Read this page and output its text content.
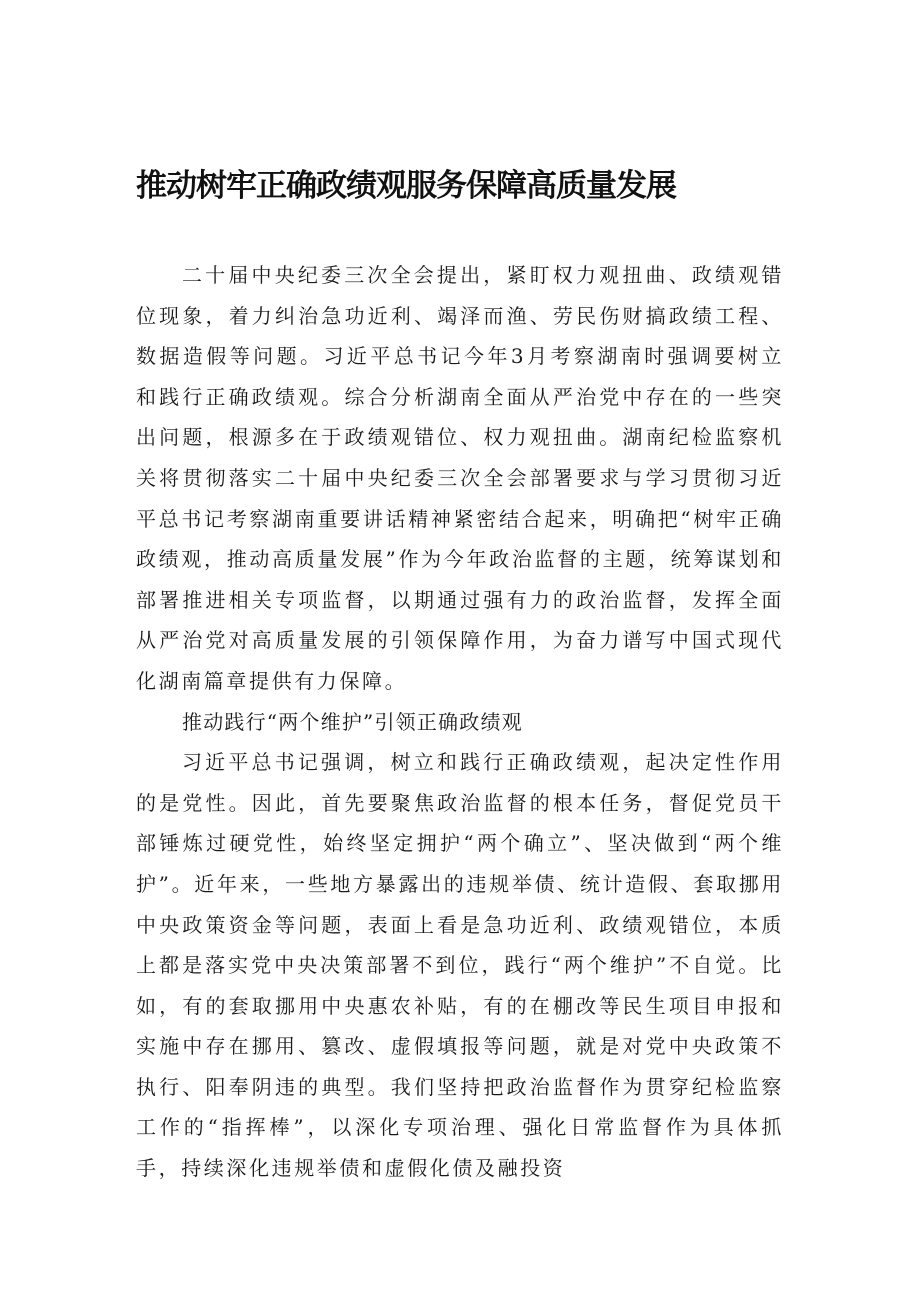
推动树牢正确政绩观服务保障高质量发展

二十届中央纪委三次全会提出，紧盯权力观扭曲、政绩观错位现象，着力纠治急功近利、竭泽而渔、劳民伤财搞政绩工程、数据造假等问题。习近平总书记今年3月考察湖南时强调要树立和践行正确政绩观。综合分析湖南全面从严治党中存在的一些突出问题，根源多在于政绩观错位、权力观扭曲。湖南纪检监察机关将贯彻落实二十届中央纪委三次全会部署要求与学习贯彻习近平总书记考察湖南重要讲话精神紧密结合起来，明确把“树牢正确政绩观，推动高质量发展”作为今年政治监督的主题，统筹谋划和部署推进相关专项监督，以期通过强有力的政治监督，发挥全面从严治党对高质量发展的引领保障作用，为奋力谱写中国式现代化湖南篇章提供有力保障。

推动践行“两个维护”引领正确政绩观

习近平总书记强调，树立和践行正确政绩观，起决定性作用的是党性。因此，首先要聚焦政治监督的根本任务，督促党员干部锤炼过硬党性，始终坚定拥护“两个确立”、坚决做到“两个维护”。近年来，一些地方暴露出的违规举债、统计造假、套取挪用中央政策资金等问题，表面上看是急功近利、政绩观错位，本质上都是落实党中央决策部署不到位，践行“两个维护”不自觉。比如，有的套取挪用中央惠农补贴，有的在棚改等民生项目申报和实施中存在挪用、篡改、虚假填报等问题，就是对党中央政策不执行、阳奉阴违的典型。我们坚持把政治监督作为贯穿纪检监察工作的“指挥棒”，以深化专项治理、强化日常监督作为具体抓手，持续深化违规举债和虚假化债及融投资
